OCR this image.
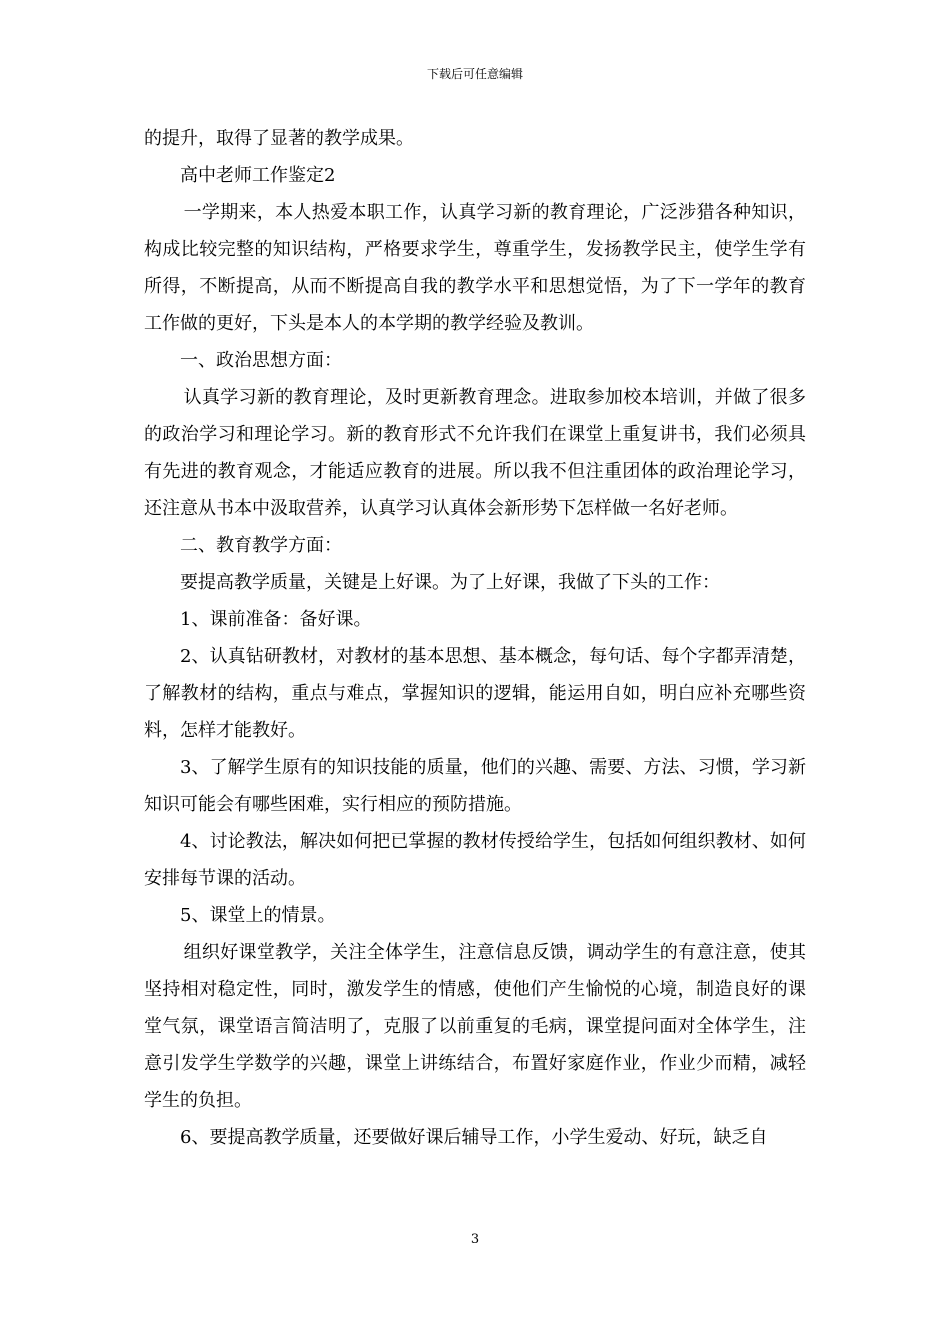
下载后可任意编辑

的提升，取得了显著的教学成果。

高中老师工作鉴定2

一学期来，本人热爱本职工作，认真学习新的教育理论，广泛涉猎各种知识，构成比较完整的知识结构，严格要求学生，尊重学生，发扬教学民主，使学生学有所得，不断提高，从而不断提高自我的教学水平和思想觉悟，为了下一学年的教育工作做的更好，下头是本人的本学期的教学经验及教训。

一、政治思想方面：

认真学习新的教育理论，及时更新教育理念。进取参加校本培训，并做了很多的政治学习和理论学习。新的教育形式不允许我们在课堂上重复讲书，我们必须具有先进的教育观念，才能适应教育的进展。所以我不但注重团体的政治理论学习，还注意从书本中汲取营养，认真学习认真体会新形势下怎样做一名好老师。

二、教育教学方面：

要提高教学质量，关键是上好课。为了上好课，我做了下头的工作：

1、课前准备：备好课。

2、认真钻研教材，对教材的基本思想、基本概念，每句话、每个字都弄清楚，了解教材的结构，重点与难点，掌握知识的逻辑，能运用自如，明白应补充哪些资料，怎样才能教好。

3、了解学生原有的知识技能的质量，他们的兴趣、需要、方法、习惯，学习新知识可能会有哪些困难，实行相应的预防措施。

4、讨论教法，解决如何把已掌握的教材传授给学生，包括如何组织教材、如何安排每节课的活动。

5、课堂上的情景。

组织好课堂教学，关注全体学生，注意信息反馈，调动学生的有意注意，使其坚持相对稳定性，同时，激发学生的情感，使他们产生愉悦的心境，制造良好的课堂气氛，课堂语言简洁明了，克服了以前重复的毛病，课堂提问面对全体学生，注意引发学生学数学的兴趣，课堂上讲练结合，布置好家庭作业，作业少而精，减轻学生的负担。

6、要提高教学质量，还要做好课后辅导工作，小学生爱动、好玩，缺乏自

3
